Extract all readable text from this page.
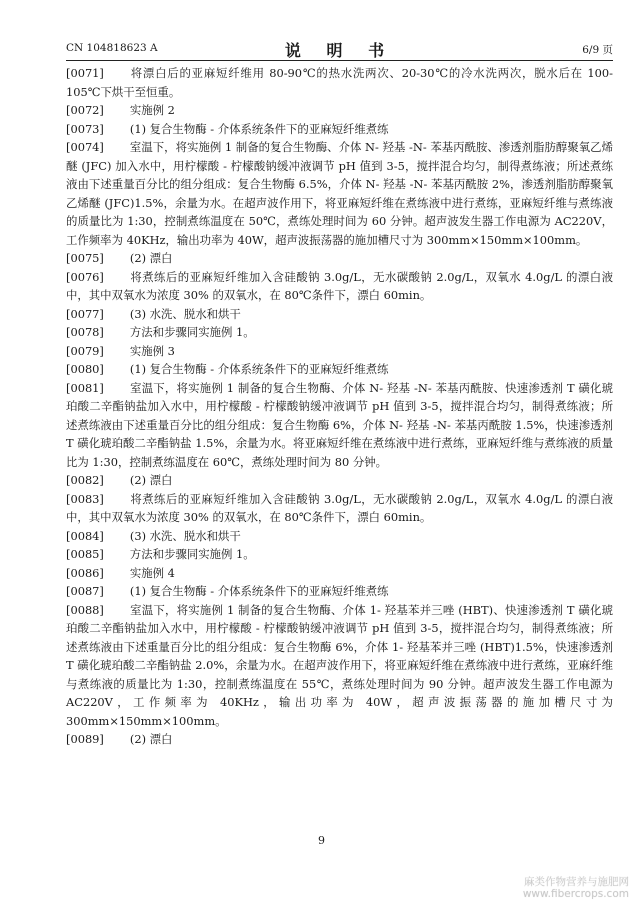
CN 104818623 A	说 明 书	6/9 页

[0071] 将漂白后的亚麻短纤维用 80-90℃的热水洗两次、20-30℃的冷水洗两次，脱水后在 100-105℃下烘干至恒重。

[0072] 实施例 2

[0073] (1) 复合生物酶 - 介体系统条件下的亚麻短纤维煮练

[0074] 室温下，将实施例 1 制备的复合生物酶、介体 N- 羟基 -N- 苯基丙酰胺、渗透剂脂肪醇聚氧乙烯醚 (JFC) 加入水中，用柠檬酸 - 柠檬酸钠缓冲液调节 pH 值到 3-5，搅拌混合均匀，制得煮练液；所述煮练液由下述重量百分比的组分组成：复合生物酶 6.5%，介体 N- 羟基 -N- 苯基丙酰胺 2%，渗透剂脂肪醇聚氧乙烯醚 (JFC)1.5%，余量为水。在超声波作用下，将亚麻短纤维在煮练液中进行煮练，亚麻短纤维与煮练液的质量比为 1:30，控制煮练温度在 50℃，煮练处理时间为 60 分钟。超声波发生器工作电源为 AC220V，工作频率为 40KHz，输出功率为 40W，超声波振荡器的施加槽尺寸为 300mm×150mm×100mm。

[0075] (2) 漂白

[0076] 将煮练后的亚麻短纤维加入含硅酸钠 3.0g/L，无水碳酸钠 2.0g/L，双氧水 4.0g/L 的漂白液中，其中双氧水为浓度 30% 的双氧水，在 80℃条件下，漂白 60min。

[0077] (3) 水洗、脱水和烘干

[0078] 方法和步骤同实施例 1。

[0079] 实施例 3

[0080] (1) 复合生物酶 - 介体系统条件下的亚麻短纤维煮练

[0081] 室温下，将实施例 1 制备的复合生物酶、介体 N- 羟基 -N- 苯基丙酰胺、快速渗透剂 T 磺化琥珀酸二辛酯钠盐加入水中，用柠檬酸 - 柠檬酸钠缓冲液调节 pH 值到 3-5，搅拌混合均匀，制得煮练液；所述煮练液由下述重量百分比的组分组成：复合生物酶 6%，介体 N- 羟基 -N- 苯基丙酰胺 1.5%，快速渗透剂 T 磺化琥珀酸二辛酯钠盐 1.5%，余量为水。将亚麻短纤维在煮练液中进行煮练，亚麻短纤维与煮练液的质量比为 1:30，控制煮练温度在 60℃，煮练处理时间为 80 分钟。

[0082] (2) 漂白

[0083] 将煮练后的亚麻短纤维加入含硅酸钠 3.0g/L，无水碳酸钠 2.0g/L，双氧水 4.0g/L 的漂白液中，其中双氧水为浓度 30% 的双氧水，在 80℃条件下，漂白 60min。

[0084] (3) 水洗、脱水和烘干

[0085] 方法和步骤同实施例 1。

[0086] 实施例 4

[0087] (1) 复合生物酶 - 介体系统条件下的亚麻短纤维煮练

[0088] 室温下，将实施例 1 制备的复合生物酶、介体 1- 羟基苯并三唑 (HBT)、快速渗透剂 T 磺化琥珀酸二辛酯钠盐加入水中，用柠檬酸 - 柠檬酸钠缓冲液调节 pH 值到 3-5，搅拌混合均匀，制得煮练液；所述煮练液由下述重量百分比的组分组成：复合生物酶 6%，介体 1- 羟基苯并三唑 (HBT)1.5%，快速渗透剂 T 磺化琥珀酸二辛酯钠盐 2.0%，余量为水。在超声波作用下，将亚麻短纤维在煮练液中进行煮练，亚麻纤维与煮练液的质量比为 1:30，控制煮练温度在 55℃，煮练处理时间为 90 分钟。超声波发生器工作电源为 AC220V，工作频率为 40KHz，输出功率为 40W，超声波振荡器的施加槽尺寸为 300mm×150mm×100mm。

[0089] (2) 漂白

9
麻类作物营养与施肥网
www.fibercrops.com
